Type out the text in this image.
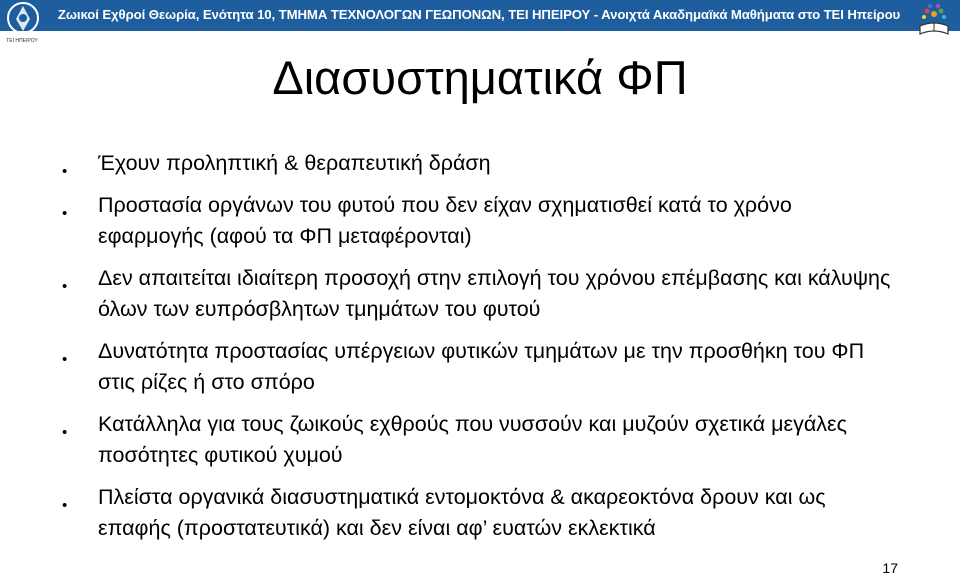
ΤΕΙ ΗΠΕΙΡΟΥ
Ζωικοί Εχθροί Θεωρία, Ενότητα 10, ΤΜΗΜΑ ΤΕΧΝΟΛΟΓΩΝ ΓΕΩΠΟΝΩΝ, ΤΕΙ ΗΠΕΙΡΟΥ - Ανοιχτά Ακαδημαϊκά Μαθήματα στο ΤΕΙ Ηπείρου
Διασυστηματικά ΦΠ
• Έχουν προληπτική & θεραπευτική δράση
• Προστασία οργάνων του φυτού που δεν είχαν σχηματισθεί κατά το χρόνο εφαρμογής (αφού τα ΦΠ μεταφέρονται)
• Δεν απαιτείται ιδιαίτερη προσοχή στην επιλογή του χρόνου επέμβασης και κάλυψης όλων των ευπρόσβλητων τμημάτων του φυτού
• Δυνατότητα προστασίας υπέργειων φυτικών τμημάτων με την προσθήκη του ΦΠ στις ρίζες ή στο σπόρο
• Κατάλληλα για τους ζωικούς εχθρούς που νυσσούν και μυζούν σχετικά μεγάλες ποσότητες φυτικού χυμού
• Πλείστα οργανικά διασυστηματικά εντομοκτόνα & ακαρεοκτόνα δρουν και ως επαφής (προστατευτικά) και δεν είναι αφ’ ευατών εκλεκτικά
17
